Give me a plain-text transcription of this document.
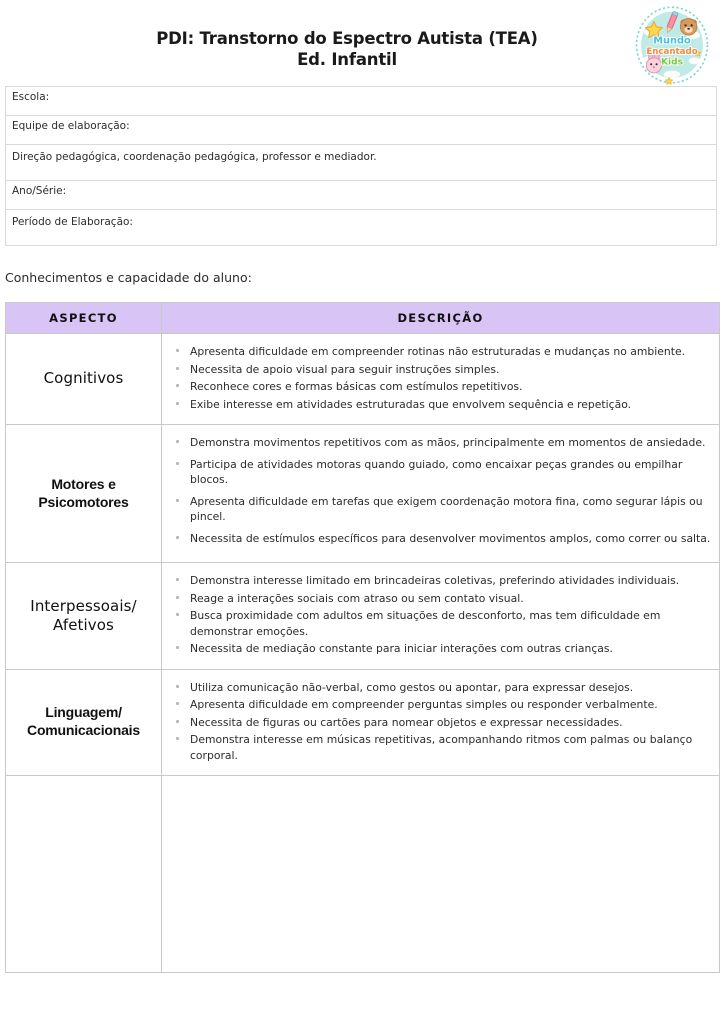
PDI: Transtorno do Espectro Autista (TEA)
Ed. Infantil
Mundo
Encantado
Kids
Escola:
Equipe de elaboração:
Direção pedagógica, coordenação pedagógica, professor e mediador.
Ano/Série:
Período de Elaboração:
Conhecimentos e capacidade do aluno:
ASPECTO	DESCRIÇÃO
Cognitivos	
Apresenta dificuldade em compreender rotinas não estruturadas e mudanças no ambiente.
Necessita de apoio visual para seguir instruções simples.
Reconhece cores e formas básicas com estímulos repetitivos.
Exibe interesse em atividades estruturadas que envolvem sequência e repetição.

Motores e
Psicomotores	
Demonstra movimentos repetitivos com as mãos, principalmente em momentos de ansiedade.
Participa de atividades motoras quando guiado, como encaixar peças grandes ou empilhar blocos.
Apresenta dificuldade em tarefas que exigem coordenação motora fina, como segurar lápis ou pincel.
Necessita de estímulos específicos para desenvolver movimentos amplos, como correr ou salta.

Interpessoais/
Afetivos	
Demonstra interesse limitado em brincadeiras coletivas, preferindo atividades individuais.
Reage a interações sociais com atraso ou sem contato visual.
Busca proximidade com adultos em situações de desconforto, mas tem dificuldade em demonstrar emoções.
Necessita de mediação constante para iniciar interações com outras crianças.

Linguagem/
Comunicacionais	
Utiliza comunicação não-verbal, como gestos ou apontar, para expressar desejos.
Apresenta dificuldade em compreender perguntas simples ou responder verbalmente.
Necessita de figuras ou cartões para nomear objetos e expressar necessidades.
Demonstra interesse em músicas repetitivas, acompanhando ritmos com palmas ou balanço corporal.
